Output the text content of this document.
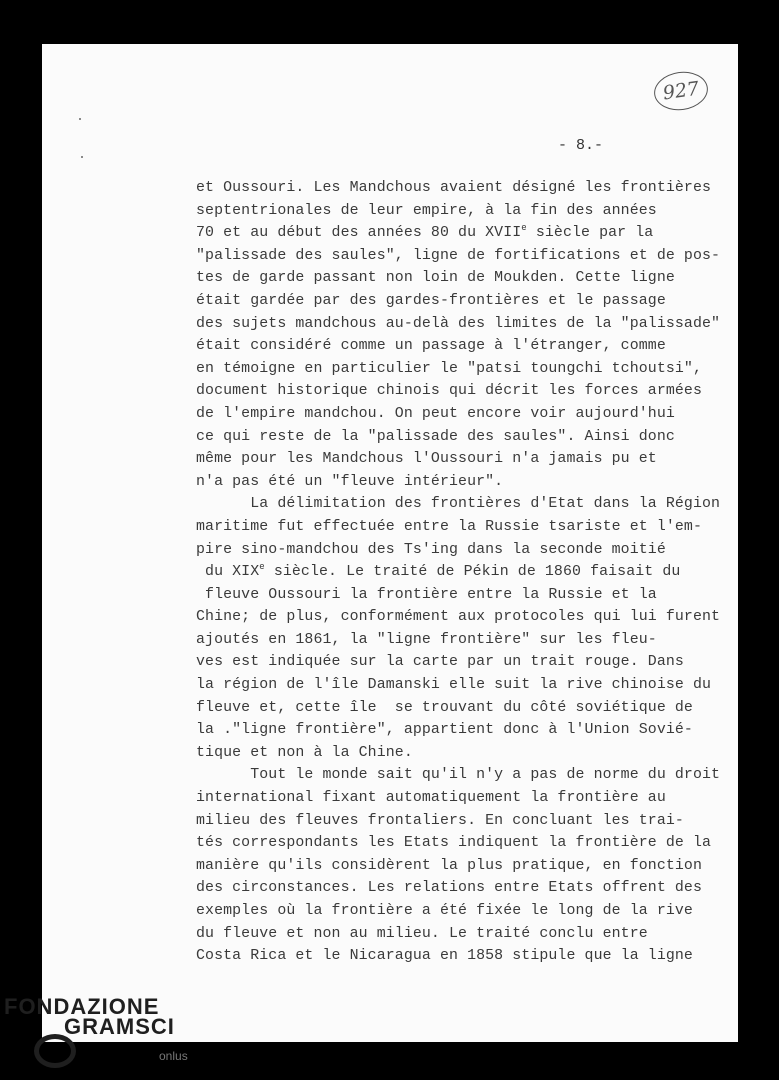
927
- 8.-
et Oussouri. Les Mandchous avaient désigné les frontières
septentrionales de leur empire, à la fin des années
70 et au début des années 80 du XVIIe siècle par la
"palissade des saules", ligne de fortifications et de pos-
tes de garde passant non loin de Moukden. Cette ligne
était gardée par des gardes-frontières et le passage
des sujets mandchous au-delà des limites de la "palissade"
était considéré comme un passage à l'étranger, comme
en témoigne en particulier le "patsi toungchi tchoutsi",
document historique chinois qui décrit les forces armées
de l'empire mandchou. On peut encore voir aujourd'hui
ce qui reste de la "palissade des saules". Ainsi donc
même pour les Mandchous l'Oussouri n'a jamais pu et
n'a pas été un "fleuve intérieur".
La délimitation des frontières d'Etat dans la Région
maritime fut effectuée entre la Russie tsariste et l'em-
pire sino-mandchou des Ts'ing dans la seconde moitié
du XIXe siècle. Le traité de Pékin de 1860 faisait du
fleuve Oussouri la frontière entre la Russie et la
Chine; de plus, conformément aux protocoles qui lui furent
ajoutés en 1861, la "ligne frontière" sur les fleu-
ves est indiquée sur la carte par un trait rouge. Dans
la région de l'île Damanski elle suit la rive chinoise du
fleuve et, cette île  se trouvant du côté soviétique de
la ."ligne frontière", appartient donc à l'Union Sovié-
tique et non à la Chine.
Tout le monde sait qu'il n'y a pas de norme du droit
international fixant automatiquement la frontière au
milieu des fleuves frontaliers. En concluant les trai-
tés correspondants les Etats indiquent la frontière de la
manière qu'ils considèrent la plus pratique, en fonction
des circonstances. Les relations entre Etats offrent des
exemples où la frontière a été fixée le long de la rive
du fleuve et non au milieu. Le traité conclu entre
Costa Rica et le Nicaragua en 1858 stipule que la ligne
FONDAZIONE
GRAMSCI
onlus
